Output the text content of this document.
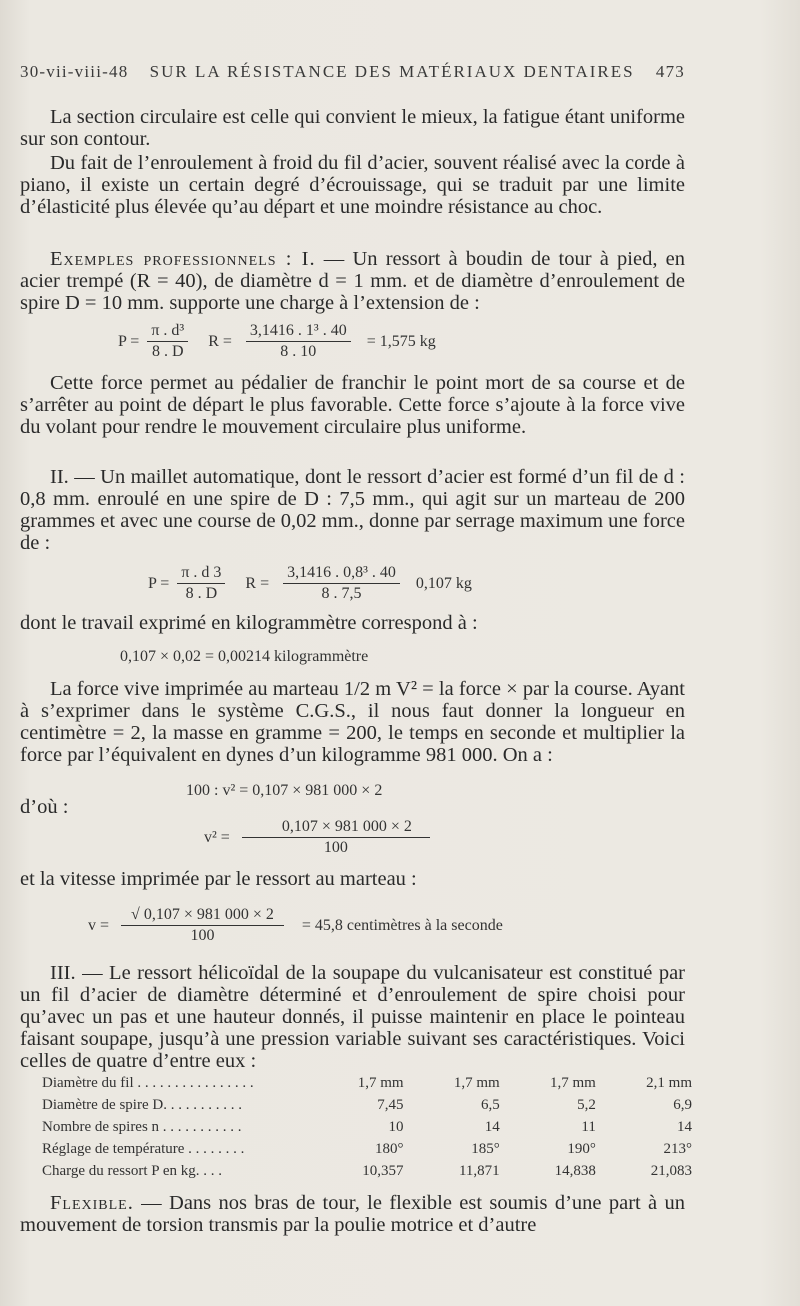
30-vii-viii-48 SUR LA RÉSISTANCE DES MATÉRIAUX DENTAIRES 473

La section circulaire est celle qui convient le mieux, la fatigue étant uniforme sur son contour.

Du fait de l’enroulement à froid du fil d’acier, souvent réalisé avec la corde à piano, il existe un certain degré d’écrouissage, qui se traduit par une limite d’élasticité plus élevée qu’au départ et une moindre résistance au choc.

Exemples professionnels : I. — Un ressort à boudin de tour à pied, en acier trempé (R = 40), de diamètre d = 1 mm. et de diamètre d’enroulement de spire D = 10 mm. supporte une charge à l’extension de :

$P = \frac{\text{π . d³}}{8 . D}$ $R = \frac{\text{3,1416 . 1³ . 40}}{8 . 10} = 1,575$ kg

Cette force permet au pédalier de franchir le point mort de sa course et de s’arrêter au point de départ le plus favorable. Cette force s’ajoute à la force vive du volant pour rendre le mouvement circulaire plus uniforme.

II. — Un maillet automatique, dont le ressort d’acier est formé d’un fil de d : 0,8 mm. enroulé en une spire de D : 7,5 mm., qui agit sur un marteau de 200 grammes et avec une course de 0,02 mm., donne par serrage maximum une force de :

$P = \frac{\pi . d 3}{8 . D}$ $R = \frac{\text{3,1416 . 0,8³ . 40}}{8 . 7,5} 0,107$ kg

dont le travail exprimé en kilogrammètre correspond à :

0,107 × 0,02 = 0,00214 kilogrammètre

La force vive imprimée au marteau 1/2 m V² = la force × par la course. Ayant à s’exprimer dans le système C.G.S., il nous faut donner la longueur en centimètre = 2, la masse en gramme = 200, le temps en seconde et multiplier la force par l’équivalent en dynes d’un kilogramme 981 000. On a :

100 : v² = 0,107 × 981 000 × 2

d’où :

$v^2 = \frac{0,107 \times 981 000 \times 2}{100}$

et la vitesse imprimée par le ressort au marteau :

$v = \frac{√ 0,107 \times 981 000 \times 2}{100} = 45,8$ centimètres à la seconde

III. — Le ressort hélicoïdal de la soupape du vulcanisateur est constitué par un fil d’acier de diamètre déterminé et d’enroulement de spire choisi pour qu’avec un pas et une hauteur donnés, il puisse maintenir en place le pointeau faisant soupape, jusqu’à une pression variable suivant ses caractéristiques. Voici celles de quatre d’entre eux :

Diamètre du fil . . . . . . . . . . . . . . . .	1,7 mm	1,7 mm	1,7 mm	2,1 mm
Diamètre de spire D. . . . . . . . . . .	7,45	6,5	5,2	6,9
Nombre de spires n . . . . . . . . . . .	10	14	11	14
Réglage de température . . . . . . . .	180°	185°	190°	213°
Charge du ressort P en kg. . . .	10,357	11,871	14,838	21,083

Flexible. — Dans nos bras de tour, le flexible est soumis d’une part à un mouvement de torsion transmis par la poulie motrice et d’autre
